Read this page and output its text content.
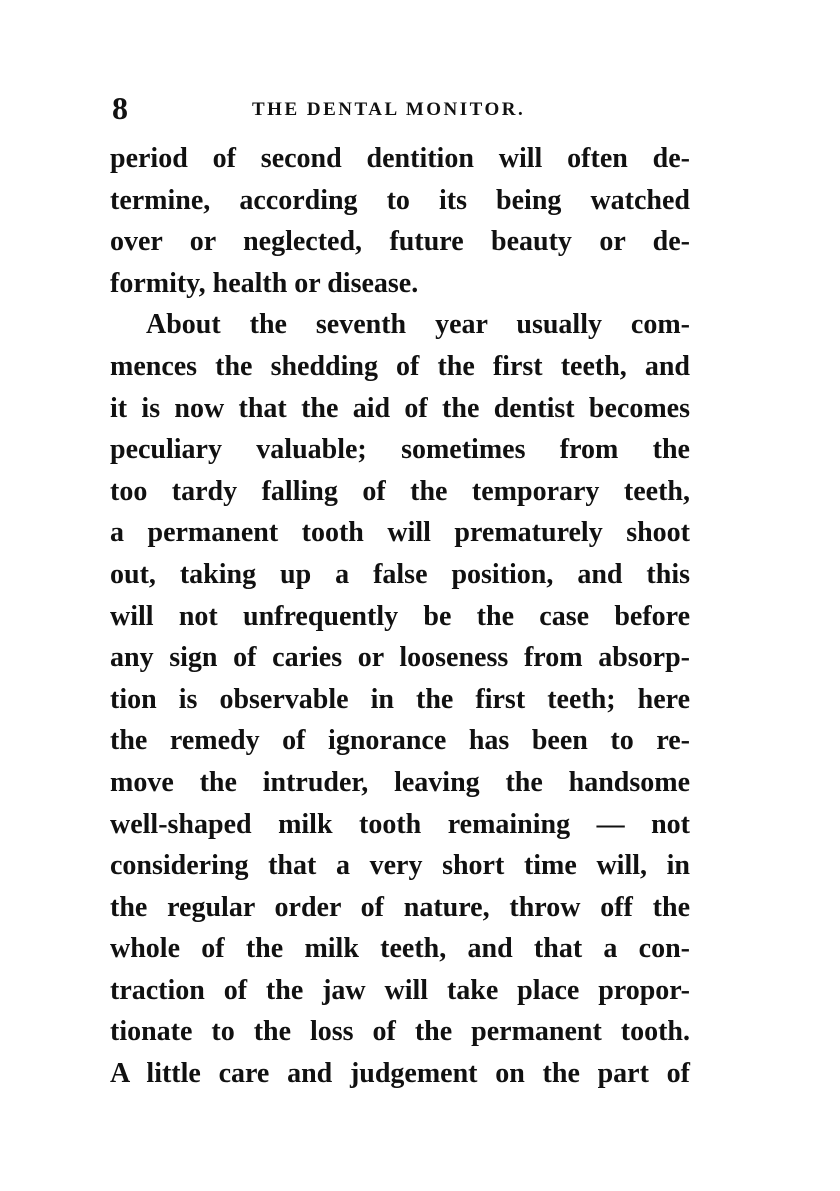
8	THE DENTAL MONITOR.
period of second dentition will often de-
termine, according to its being watched
over or neglected, future beauty or de-
formity, health or disease.
About the seventh year usually com-
mences the shedding of the first teeth, and
it is now that the aid of the dentist becomes
peculiary valuable; sometimes from the
too tardy falling of the temporary teeth,
a permanent tooth will prematurely shoot
out, taking up a false position, and this
will not unfrequently be the case before
any sign of caries or looseness from absorp-
tion is observable in the first teeth; here
the remedy of ignorance has been to re-
move the intruder, leaving the handsome
well-shaped milk tooth remaining — not
considering that a very short time will, in
the regular order of nature, throw off the
whole of the milk teeth, and that a con-
traction of the jaw will take place propor-
tionate to the loss of the permanent tooth.
A little care and judgement on the part of
